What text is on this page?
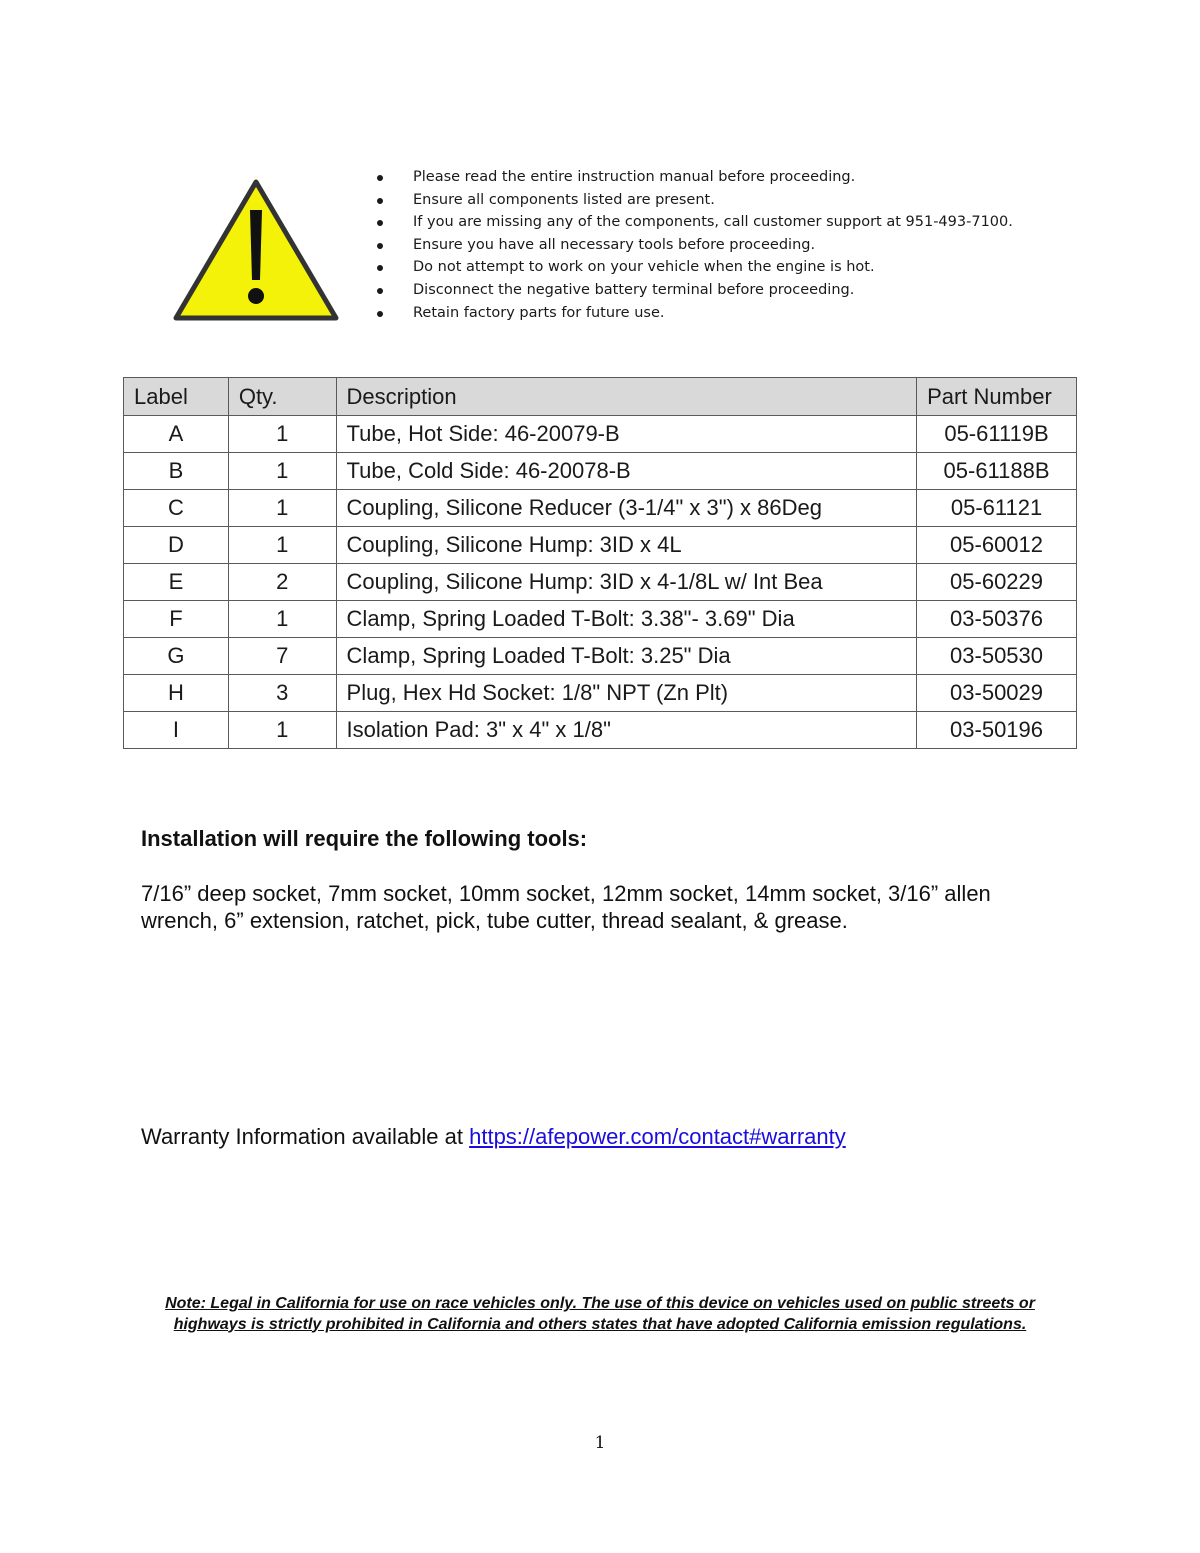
Please read the entire instruction manual before proceeding.
Ensure all components listed are present.
If you are missing any of the components, call customer support at 951-493-7100.
Ensure you have all necessary tools before proceeding.
Do not attempt to work on your vehicle when the engine is hot.
Disconnect the negative battery terminal before proceeding.
Retain factory parts for future use.
Label	Qty.	Description	Part Number
A	1	Tube, Hot Side: 46-20079-B	05-61119B
B	1	Tube, Cold Side: 46-20078-B	05-61188B
C	1	Coupling, Silicone Reducer (3-1/4" x 3") x 86Deg	05-61121
D	1	Coupling, Silicone Hump: 3ID x 4L	05-60012
E	2	Coupling, Silicone Hump: 3ID x 4-1/8L w/ Int Bea	05-60229
F	1	Clamp, Spring Loaded T-Bolt: 3.38"- 3.69" Dia	03-50376
G	7	Clamp, Spring Loaded T-Bolt: 3.25" Dia	03-50530
H	3	Plug, Hex Hd Socket: 1/8" NPT (Zn Plt)	03-50029
I	1	Isolation Pad: 3" x 4" x 1/8"	03-50196

Installation will require the following tools:

7/16” deep socket, 7mm socket, 10mm socket, 12mm socket, 14mm socket, 3/16” allen wrench, 6” extension, ratchet, pick, tube cutter, thread sealant, & grease.

Warranty Information available at https://afepower.com/contact#warranty

Note: Legal in California for use on race vehicles only. The use of this device on vehicles used on public streets or highways is strictly prohibited in California and others states that have adopted California emission regulations.

1
